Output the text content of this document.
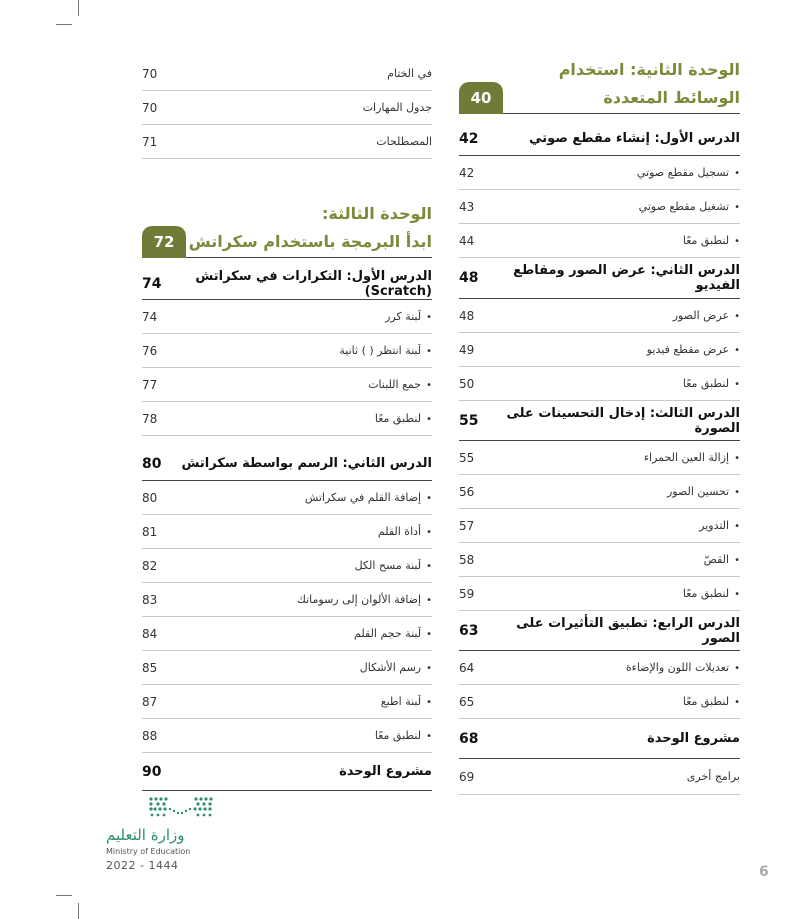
في الختام
70
جدول المهارات
70
المصطلحات
71
الوحدة الثالثة:
ابدأ البرمجة باستخدام سكراتش
72
الدرس الأول: التكرارات في سكراتش (Scratch)
74
• لَبنة كرر
74
• لَبنة انتظر ( ) ثانية
76
• جمع اللبنات
77
• لنطبق معًا
78
الدرس الثاني: الرسم بواسطة سكراتش
80
• إضافة القلم في سكراتش
80
• أداة القلم
81
• لَبنة مسح الكل
82
• إضافة الألوان إلى رسوماتك
83
• لَبنة حجم القلم
84
• رسم الأشكال
85
• لَبنة اطبع
87
• لنطبق معًا
88
مشروع الوحدة
90
الوحدة الثانية: استخدام
الوسائط المتعددة
40
الدرس الأول: إنشاء مقطع صوتي
42
• تسجيل مقطع صوتي
42
• تشغيل مقطع صوتي
43
• لنطبق معًا
44
الدرس الثاني: عرض الصور ومقاطع الفيديو
48
• عرض الصور
48
• عرض مقطع فيديو
49
• لنطبق معًا
50
الدرس الثالث: إدخال التحسينات على الصورة
55
• إزالة العين الحمراء
55
• تحسين الصور
56
• التدوير
57
• القصّ
58
• لنطبق معًا
59
الدرس الرابع: تطبيق التأثيرات على الصور
63
• تعديلات اللون والإضاءة
64
• لنطبق معًا
65
مشروع الوحدة
68
برامج أخرى
69
وزارة التعليم
Ministry of Education
2022 - 1444	6
